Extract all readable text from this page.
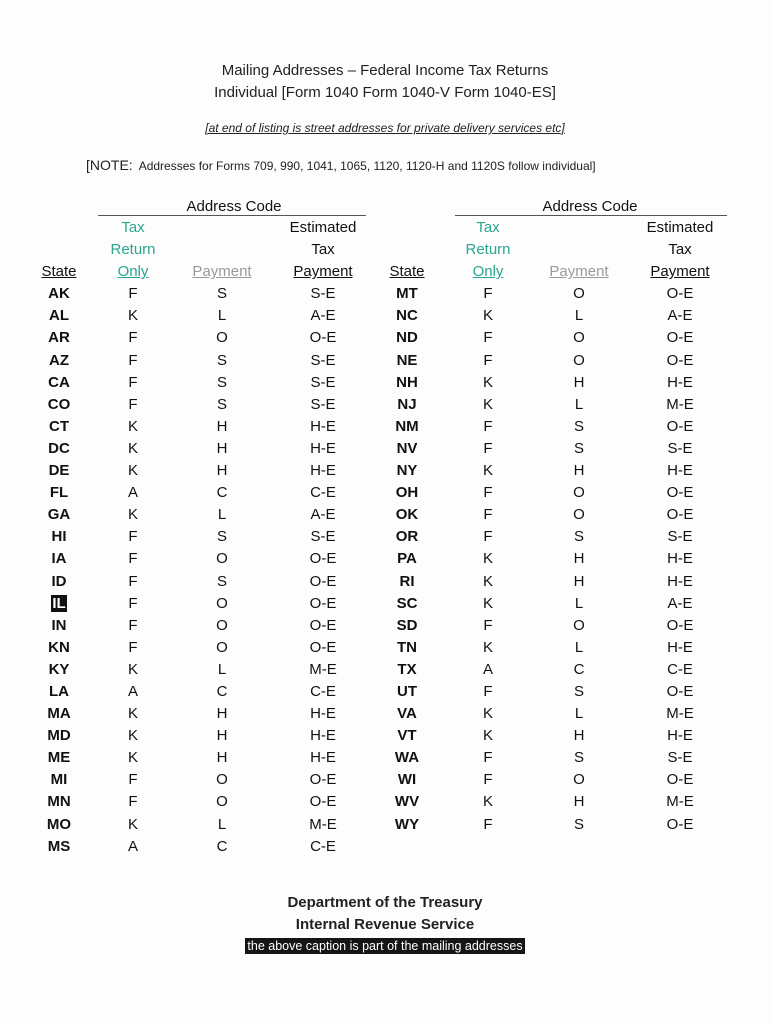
Mailing Addresses – Federal Income Tax Returns
Individual [Form 1040 Form 1040-V Form 1040-ES]
[at end of listing is street addresses for private delivery services etc]
[NOTE: Addresses for Forms 709, 990, 1041, 1065, 1120, 1120-H and 1120S follow individual]
Address Code	Address Code
	Tax		Estimated
	Return		Tax
State	Only	Payment	Payment
AK	F	S	S-E
AL	K	L	A-E
AR	F	O	O-E
AZ	F	S	S-E
CA	F	S	S-E
CO	F	S	S-E
CT	K	H	H-E
DC	K	H	H-E
DE	K	H	H-E
FL	A	C	C-E
GA	K	L	A-E
HI	F	S	S-E
IA	F	O	O-E
ID	F	S	O-E
IL	F	O	O-E
IN	F	O	O-E
KN	F	O	O-E
KY	K	L	M-E
LA	A	C	C-E
MA	K	H	H-E
MD	K	H	H-E
ME	K	H	H-E
MI	F	O	O-E
MN	F	O	O-E
MO	K	L	M-E
MS	A	C	C-E
	Tax		Estimated
	Return		Tax
State	Only	Payment	Payment
MT	F	O	O-E
NC	K	L	A-E
ND	F	O	O-E
NE	F	O	O-E
NH	K	H	H-E
NJ	K	L	M-E
NM	F	S	O-E
NV	F	S	S-E
NY	K	H	H-E
OH	F	O	O-E
OK	F	O	O-E
OR	F	S	S-E
PA	K	H	H-E
RI	K	H	H-E
SC	K	L	A-E
SD	F	O	O-E
TN	K	L	H-E
TX	A	C	C-E
UT	F	S	O-E
VA	K	L	M-E
VT	K	H	H-E
WA	F	S	S-E
WI	F	O	O-E
WV	K	H	M-E
WY	F	S	O-E
Department of the Treasury
Internal Revenue Service
the above caption is part of the mailing addresses
